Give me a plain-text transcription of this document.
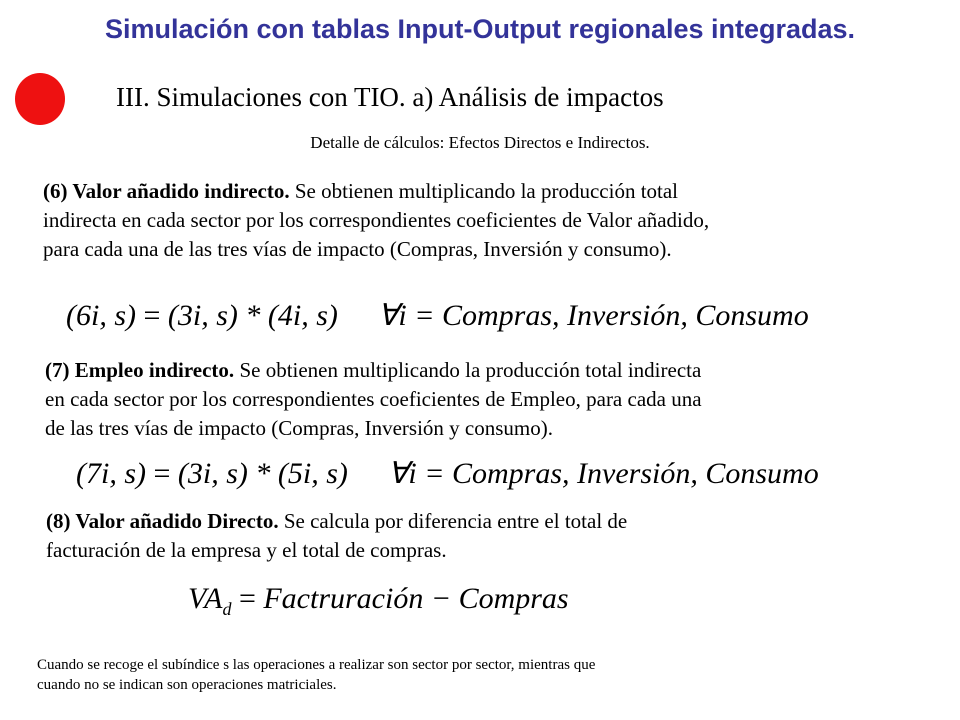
Simulación con tablas Input-Output regionales integradas.
III. Simulaciones con TIO. a) Análisis de impactos
Detalle de cálculos: Efectos Directos e Indirectos.

(6) Valor añadido indirecto. Se obtienen multiplicando la producción total
indirecta en cada sector por los correspondientes coeficientes de Valor añadido,
para cada una de las tres vías de impacto (Compras, Inversión y consumo).

(6i, s) = (3i, s) * (4i, s) ∀i = Compras, Inversión, Consumo

(7) Empleo indirecto. Se obtienen multiplicando la producción total indirecta
en cada sector por los correspondientes coeficientes de Empleo, para cada una
de las tres vías de impacto (Compras, Inversión y consumo).

(7i, s) = (3i, s) * (5i, s) ∀i = Compras, Inversión, Consumo

(8) Valor añadido Directo. Se calcula por diferencia entre el total de
facturación de la empresa y el total de compras.

$VA_d$ = Factruración − Compras

Cuando se recoge el subíndice s las operaciones a realizar son sector por sector, mientras que
cuando no se indican son operaciones matriciales.
